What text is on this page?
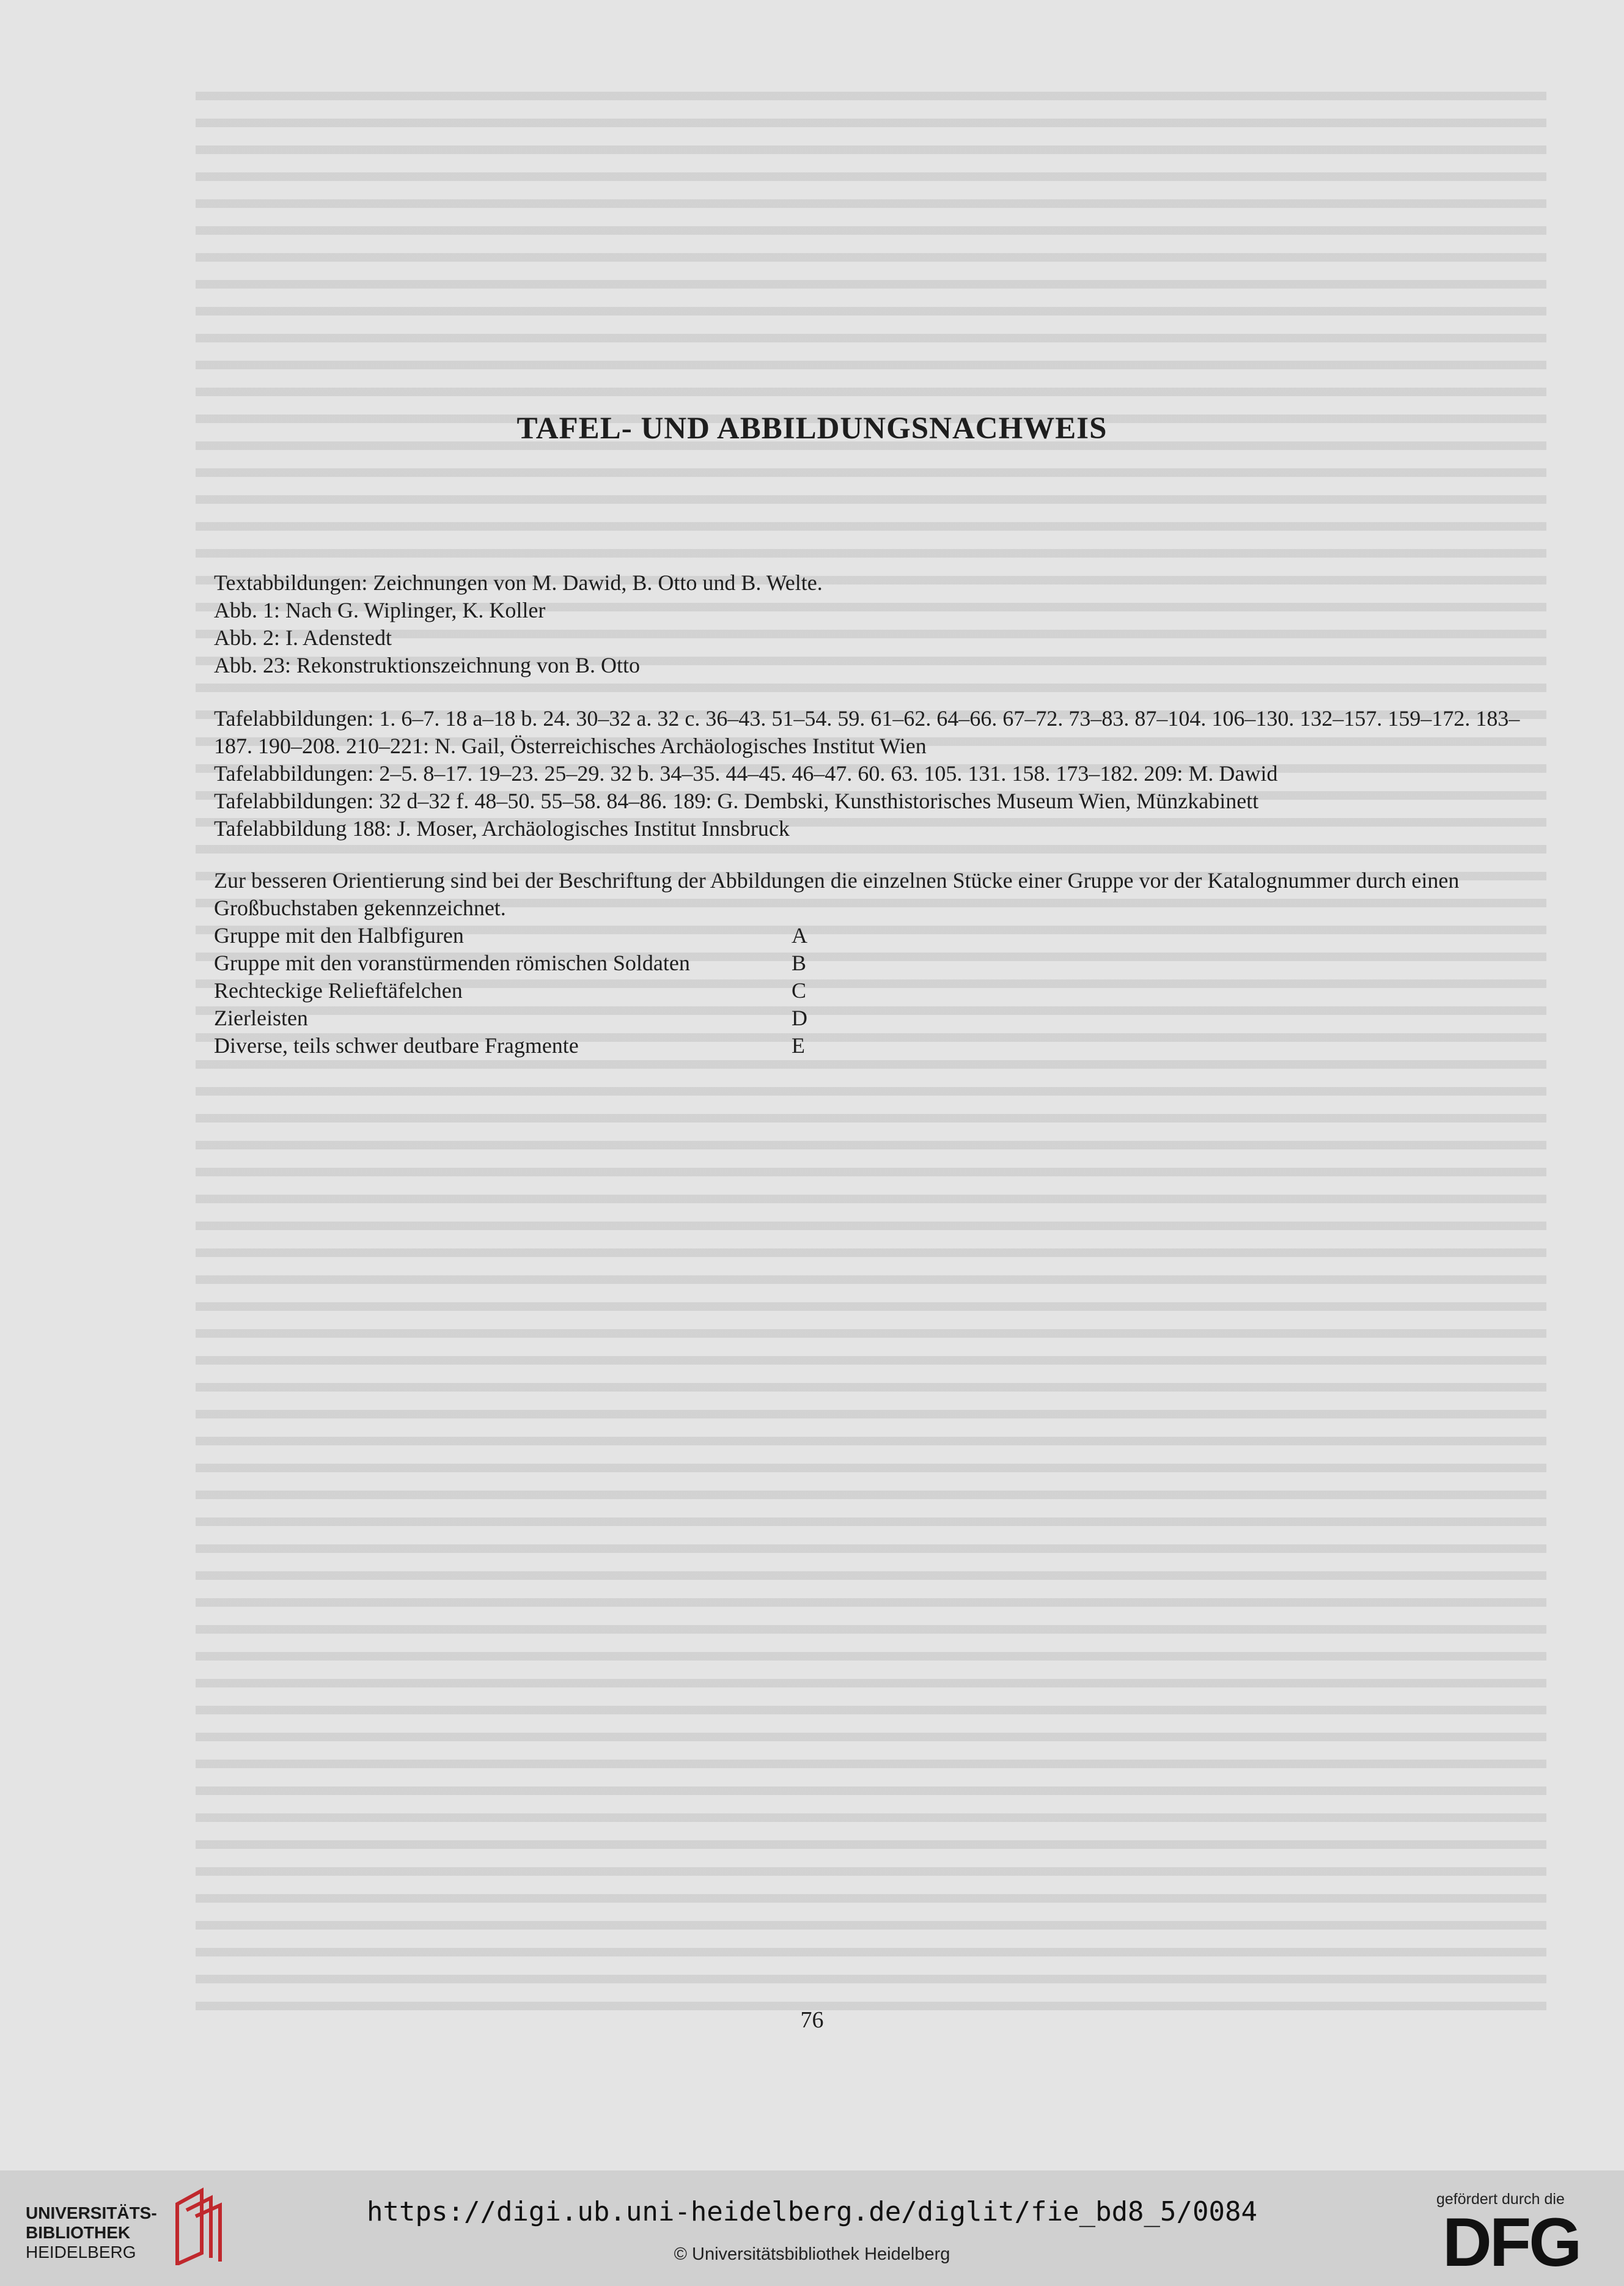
TAFEL- UND ABBILDUNGSNACHWEIS

Textabbildungen: Zeichnungen von M. Dawid, B. Otto und B. Welte.

Abb. 1: Nach G. Wiplinger, K. Koller

Abb. 2: I. Adenstedt

Abb. 23: Rekonstruktionszeichnung von B. Otto

Tafelabbildungen: 1. 6–7. 18 a–18 b. 24. 30–32 a. 32 c. 36–43. 51–54. 59. 61–62. 64–66. 67–72. 73–83. 87–104. 106–130. 132–157. 159–172. 183–187. 190–208. 210–221: N. Gail, Österreichisches Archäologisches Institut Wien

Tafelabbildungen: 2–5. 8–17. 19–23. 25–29. 32 b. 34–35. 44–45. 46–47. 60. 63. 105. 131. 158. 173–182. 209: M. Dawid

Tafelabbildungen: 32 d–32 f. 48–50. 55–58. 84–86. 189: G. Dembski, Kunsthistorisches Museum Wien, Münzkabinett

Tafelabbildung 188: J. Moser, Archäologisches Institut Innsbruck

Zur besseren Orientierung sind bei der Beschriftung der Abbildungen die einzelnen Stücke einer Gruppe vor der Katalognummer durch einen Großbuchstaben gekennzeichnet.
Gruppe mit den Halbfiguren	A
Gruppe mit den voranstürmenden römischen Soldaten	B
Rechteckige Relieftäfelchen	C
Zierleisten	D
Diverse, teils schwer deutbare Fragmente	E
76
UNIVERSITÄTS-
BIBLIOTHEK
HEIDELBERG
https://digi.ub.uni-heidelberg.de/diglit/fie_bd8_5/0084
© Universitätsbibliothek Heidelberg
gefördert durch die
DFG
